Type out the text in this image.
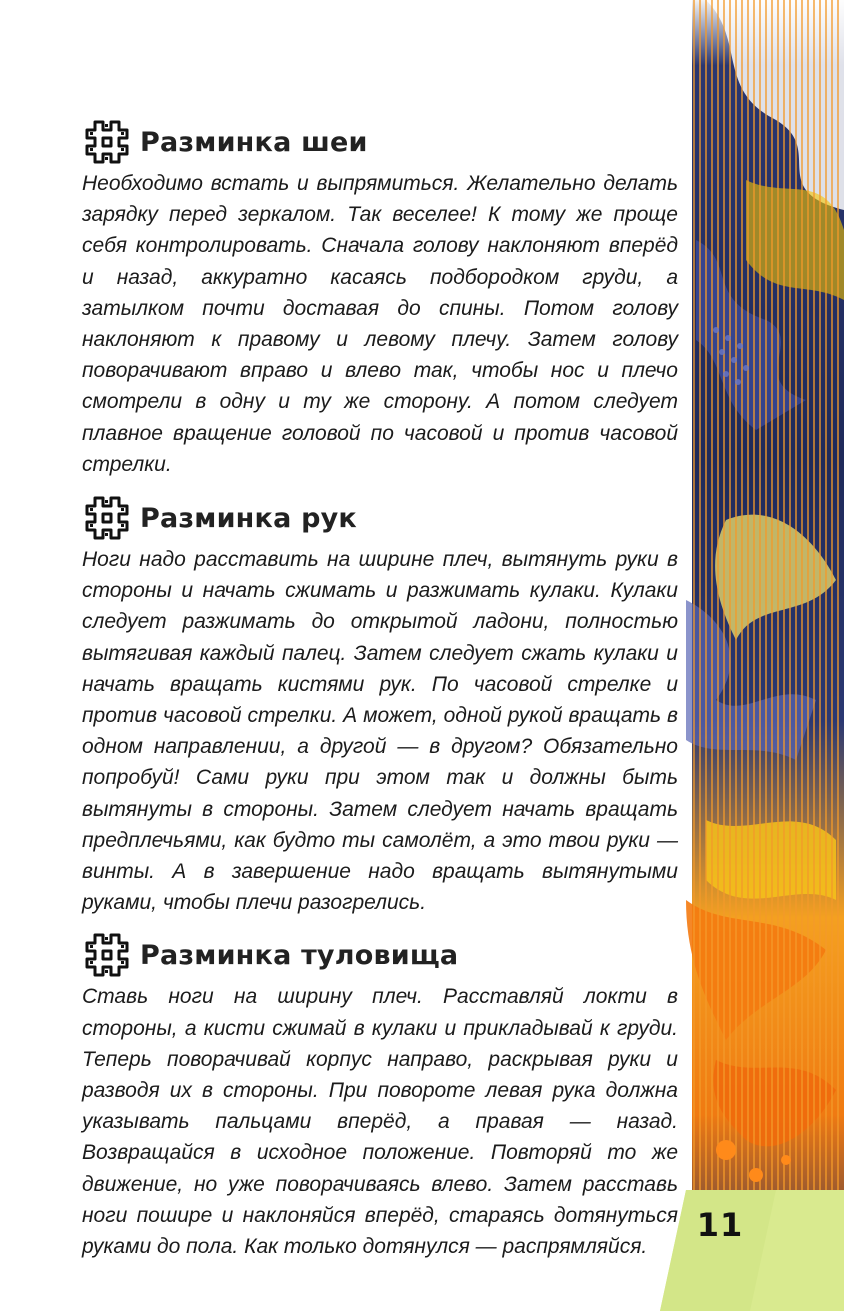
11
Разминка шеи

Необходимо встать и выпрямиться. Желательно делать зарядку перед зеркалом. Так веселее! К тому же проще себя контролировать. Сначала голову наклоняют вперёд и назад, аккуратно касаясь подбородком груди, а затылком почти доставая до спины. Потом голову наклоняют к правому и левому плечу. Затем голову поворачивают вправо и влево так, чтобы нос и плечо смотрели в одну и ту же сторону. А потом следует плавное вращение головой по часовой и против часовой стрелки.

Разминка рук

Ноги надо расставить на ширине плеч, вытянуть руки в стороны и начать сжимать и разжимать кулаки. Кулаки следует разжимать до открытой ладони, полностью вытягивая каждый палец. Затем следует сжать кулаки и начать вращать кистями рук. По часовой стрелке и против часовой стрелки. А может, одной рукой вращать в одном направлении, а другой — в другом? Обязательно попробуй! Сами руки при этом так и должны быть вытянуты в стороны. Затем следует начать вращать предплечьями, как будто ты самолёт, а это твои руки — винты. А в завершение надо вращать вытянутыми руками, чтобы плечи разогрелись.

Разминка туловища

Ставь ноги на ширину плеч. Расставляй локти в стороны, а кисти сжимай в кулаки и прикладывай к груди. Теперь поворачивай корпус направо, раскрывая руки и разводя их в стороны. При повороте левая рука должна указывать пальцами вперёд, а правая — назад. Возвращайся в исходное положение. Повторяй то же движение, но уже поворачиваясь влево. Затем расставь ноги пошире и наклоняйся вперёд, стараясь дотянуться руками до пола. Как только дотянулся — распрямляйся.
